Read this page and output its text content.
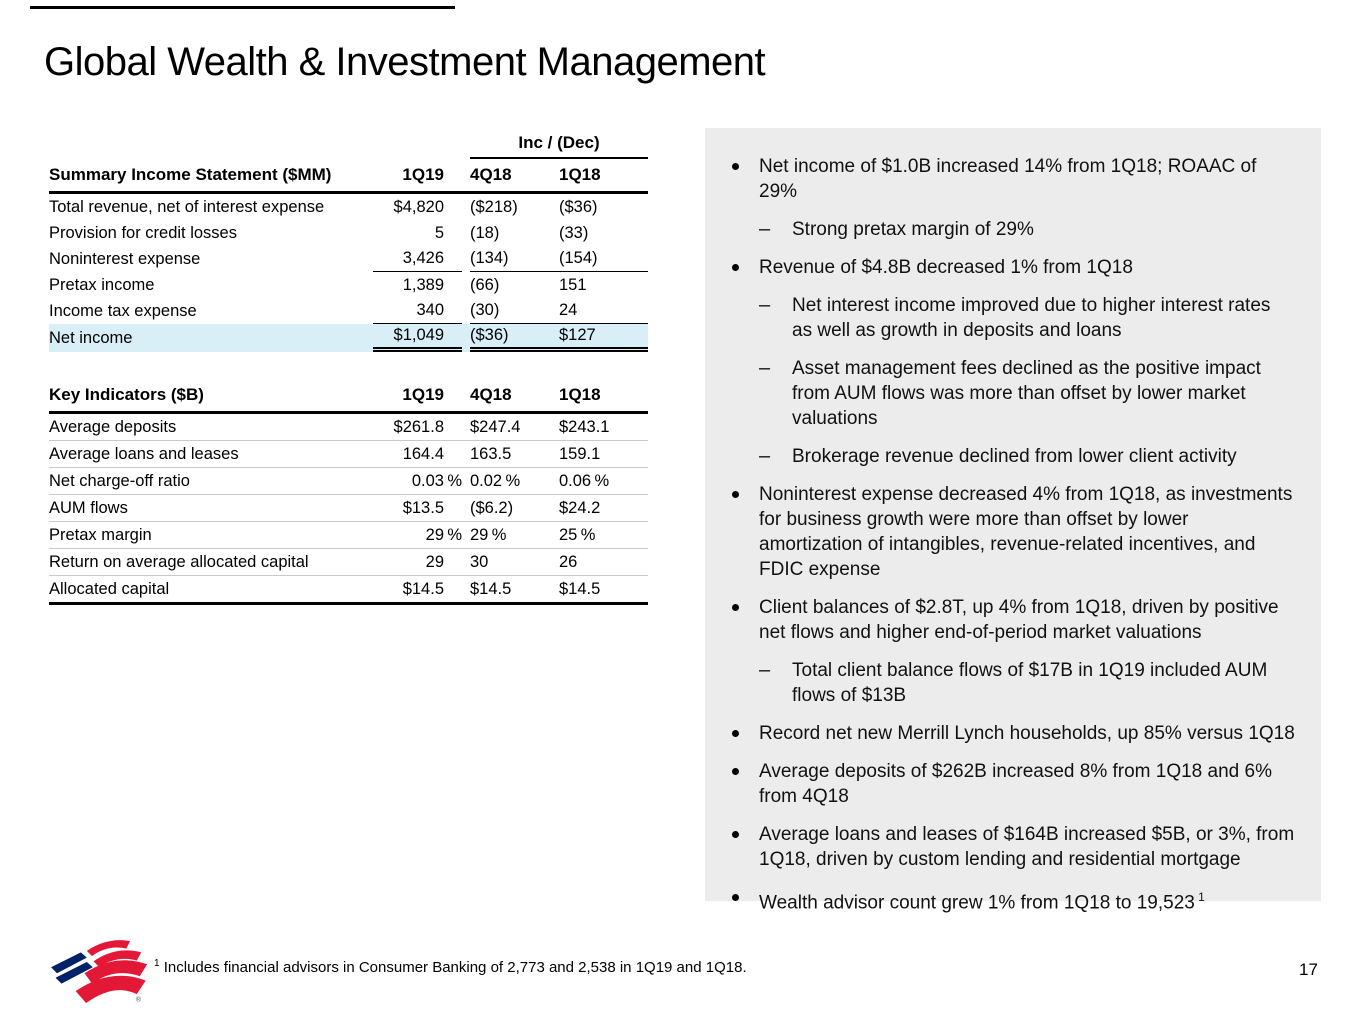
Global Wealth & Investment Management
Inc / (Dec)
Summary Income Statement ($MM)	1Q19 4Q18	1Q18
Total revenue, net of interest expense	$4,820 ($218)	($36)
Provision for credit losses	5 (18)	(33)
Noninterest expense	3,426 (134)	(154)
Pretax income	1,389 (66)	151
Income tax expense	340 (30)	24
Net income	$1,049 ($36)	$127
Key Indicators ($B)	1Q19 4Q18	1Q18
Average deposits	$261.8 $247.4	$243.1
Average loans and leases	164.4 163.5	159.1
Net charge-off ratio	0.03 % 0.02 %	0.06 %
AUM flows	$13.5 ($6.2)	$24.2
Pretax margin	29 % 29 %	25 %
Return on average allocated capital	29 30	26
Allocated capital	$14.5 $14.5	$14.5
Net income of $1.0B increased 14% from 1Q18; ROAAC of 29%
–	Strong pretax margin of 29%
Revenue of $4.8B decreased 1% from 1Q18
–	Net interest income improved due to higher interest rates as well as growth in deposits and loans
–	Asset management fees declined as the positive impact from AUM flows was more than offset by lower market valuations
–	Brokerage revenue declined from lower client activity
Noninterest expense decreased 4% from 1Q18, as investments for business growth were more than offset by lower amortization of intangibles, revenue-related incentives, and FDIC expense
Client balances of $2.8T, up 4% from 1Q18, driven by positive net flows and higher end-of-period market valuations
–	Total client balance flows of $17B in 1Q19 included AUM flows of $13B
Record net new Merrill Lynch households, up 85% versus 1Q18
Average deposits of $262B increased 8% from 1Q18 and 6% from 4Q18
Average loans and leases of $164B increased $5B, or 3%, from 1Q18, driven by custom lending and residential mortgage
Wealth advisor count grew 1% from 1Q18 to 19,523 $^1$
®
$^1$ Includes financial advisors in Consumer Banking of 2,773 and 2,538 in 1Q19 and 1Q18.	17
